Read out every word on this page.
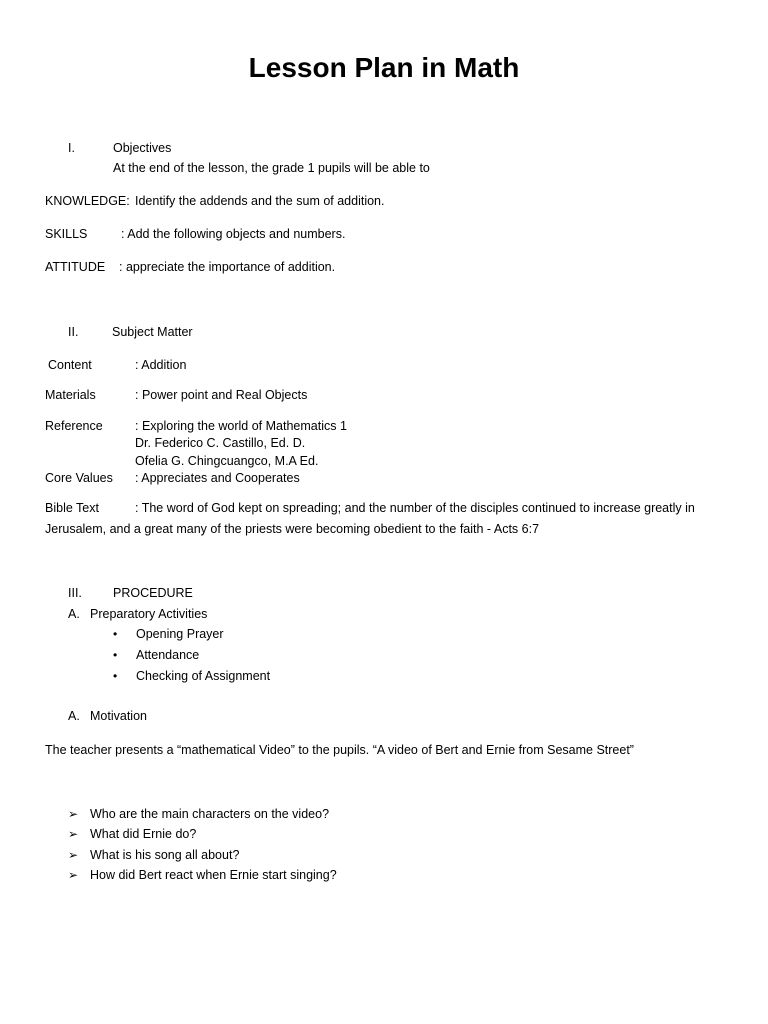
Lesson Plan in Math
I.	Objectives
At the end of the lesson, the grade 1 pupils will be able to
KNOWLEDGE: Identify the addends and the sum of addition.
SKILLS	: Add the following objects and numbers.
ATTITUDE : appreciate the importance of addition.
II.	Subject Matter
Content	: Addition
Materials	: Power point and Real Objects
Reference	: Exploring the world of Mathematics 1
Dr. Federico C. Castillo, Ed. D.
Ofelia G. Chingcuangco, M.A Ed.
Core Values : Appreciates and Cooperates
Bible Text	: The word of God kept on spreading; and the number of the disciples continued to increase greatly in
Jerusalem, and a great many of the priests were becoming obedient to the faith - Acts 6:7
III. PROCEDURE
A. Preparatory Activities
• Opening Prayer
• Attendance
• Checking of Assignment
A. Motivation
The teacher presents a “mathematical Video” to the pupils. “A video of Bert and Ernie from Sesame Street”
➢ Who are the main characters on the video?
➢ What did Ernie do?
➢ What is his song all about?
➢ How did Bert react when Ernie start singing?
